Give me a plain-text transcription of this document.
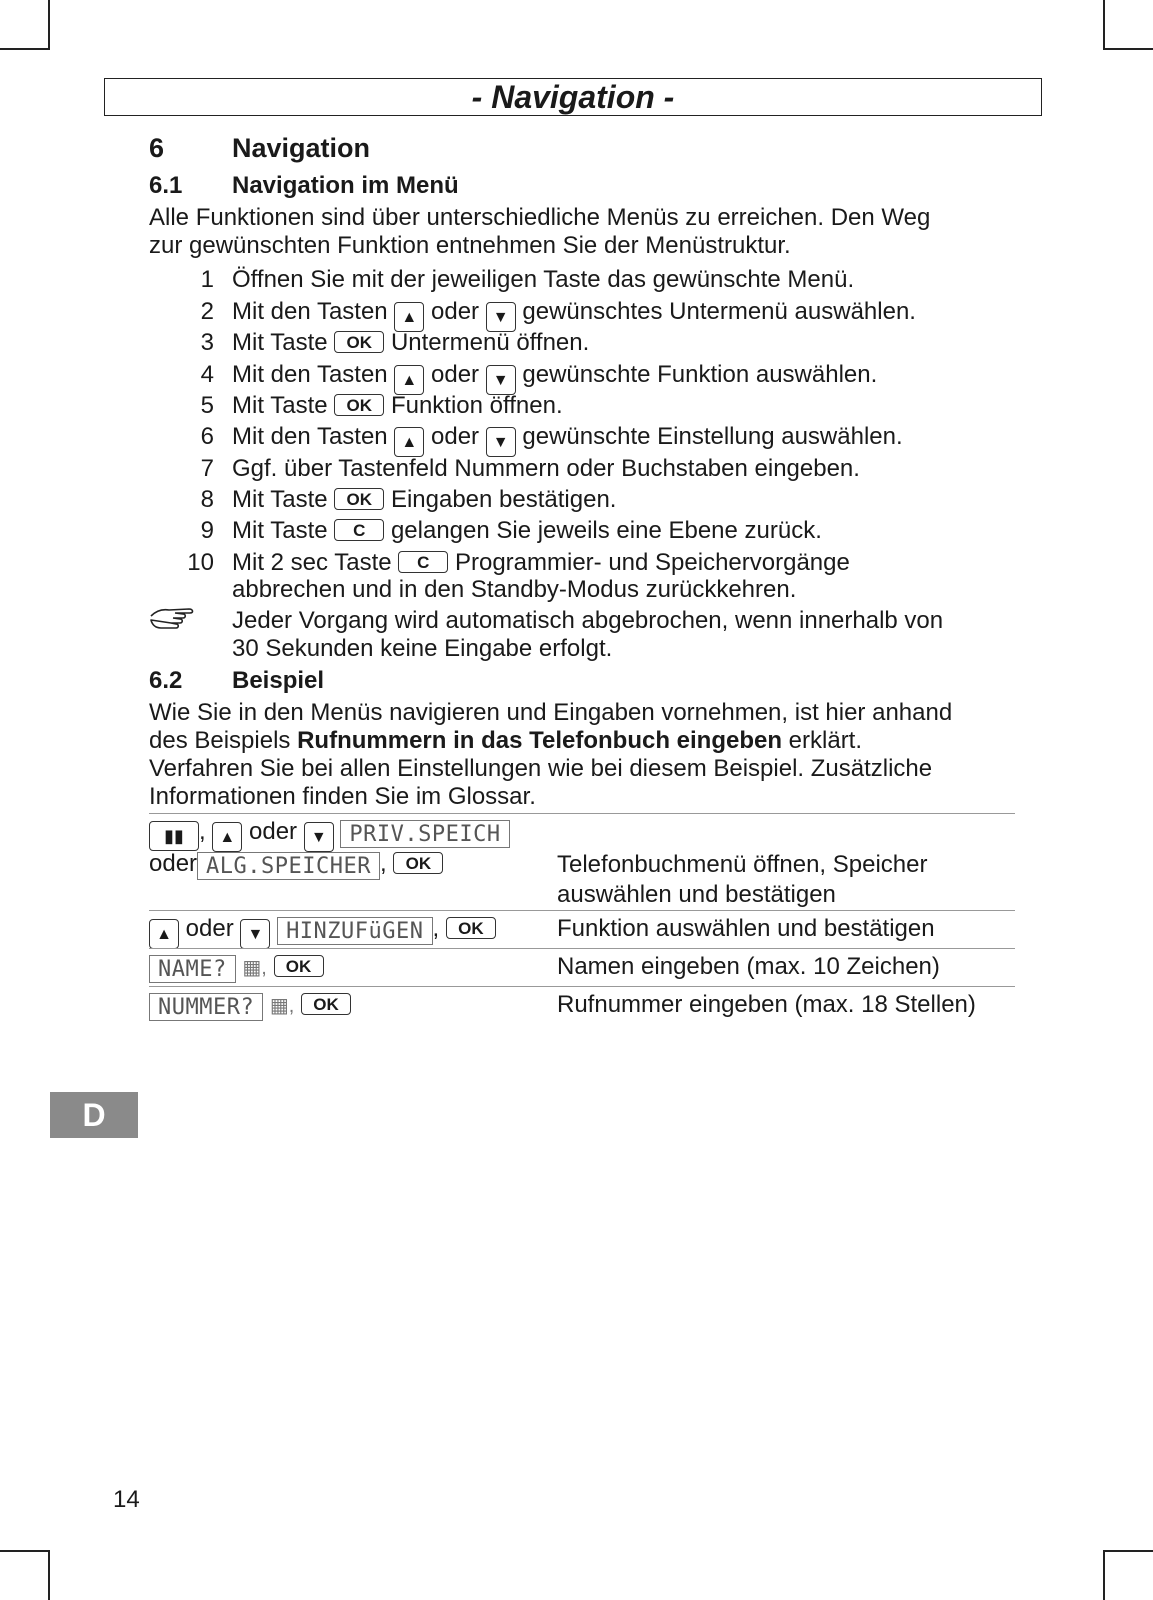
- Navigation -
6	Navigation
6.1 Navigation im Menü
Alle Funktionen sind über unterschiedliche Menüs zu erreichen. Den Weg
zur gewünschten Funktion entnehmen Sie der Menüstruktur.
1 Öffnen Sie mit der jeweiligen Taste das gewünschte Menü.
2 Mit den Tasten ▲ oder ▼ gewünschtes Untermenü auswählen.
3 Mit Taste OK Untermenü öffnen.
4 Mit den Tasten ▲ oder ▼ gewünschte Funktion auswählen.
5 Mit Taste OK Funktion öffnen.
6 Mit den Tasten ▲ oder ▼ gewünschte Einstellung auswählen.
7 Ggf. über Tastenfeld Nummern oder Buchstaben eingeben.
8 Mit Taste OK Eingaben bestätigen.
9 Mit Taste C gelangen Sie jeweils eine Ebene zurück.
10 Mit 2 sec Taste C Programmier- und Speichervorgänge
abbrechen und in den Standby-Modus zurückkehren.
Jeder Vorgang wird automatisch abgebrochen, wenn innerhalb von
30 Sekunden keine Eingabe erfolgt.
6.2 Beispiel
Wie Sie in den Menüs navigieren und Eingaben vornehmen, ist hier anhand
des Beispiels Rufnummern in das Telefonbuch eingeben erklärt.
Verfahren Sie bei allen Einstellungen wie bei diesem Beispiel. Zusätzliche
Informationen finden Sie im Glossar.
▮▮ , ▲ oder ▼ PRIV.SPEICH
oder ALG.SPEICHER , OK	Telefonbuchmenü öffnen, Speicher
auswählen und bestätigen
▲ oder ▼ HINZUFüGEN , OK	Funktion auswählen und bestätigen
NAME? ▦, OK	Namen eingeben (max. 10 Zeichen)
NUMMER? ▦, OK	Rufnummer eingeben (max. 18 Stellen)
D
14
